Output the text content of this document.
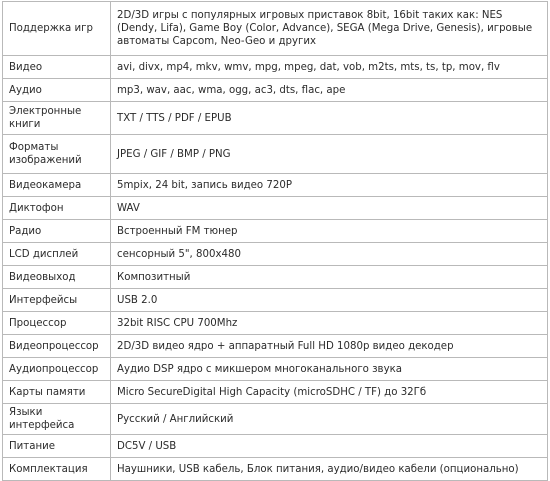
Поддержка игр	2D/3D игры с популярных игровых приставок 8bit, 16bit таких как: NES (Dendy, Lifa), Game Boy (Color, Advance), SEGA (Mega Drive, Genesis), игровые автоматы Capcom, Neo-Geo и других
Видео	avi, divx, mp4, mkv, wmv, mpg, mpeg, dat, vob, m2ts, mts, ts, tp, mov, flv
Аудио	mp3, wav, aac, wma, ogg, ac3, dts, flac, ape
Электронные книги	TXT / TTS / PDF / EPUB
Форматы изображений	JPEG / GIF / BMP / PNG
Видеокамера	5mpix, 24 bit, запись видео 720P
Диктофон	WAV
Радио	Встроенный FM тюнер
LCD дисплей	сенсорный 5", 800x480
Видеовыход	Композитный
Интерфейсы	USB 2.0
Процессор	32bit RISC CPU 700Mhz
Видеопроцессор	2D/3D видео ядро + аппаратный Full HD 1080p видео декодер
Аудиопроцессор	Аудио DSP ядро с микшером многоканального звука
Карты памяти	Micro SecureDigital High Capacity (microSDHC / TF) до 32Гб
Языки интерфейса	Русский / Английский
Питание	DC5V / USB
Комплектация	Наушники, USB кабель, Блок питания, аудио/видео кабели (опционально)
